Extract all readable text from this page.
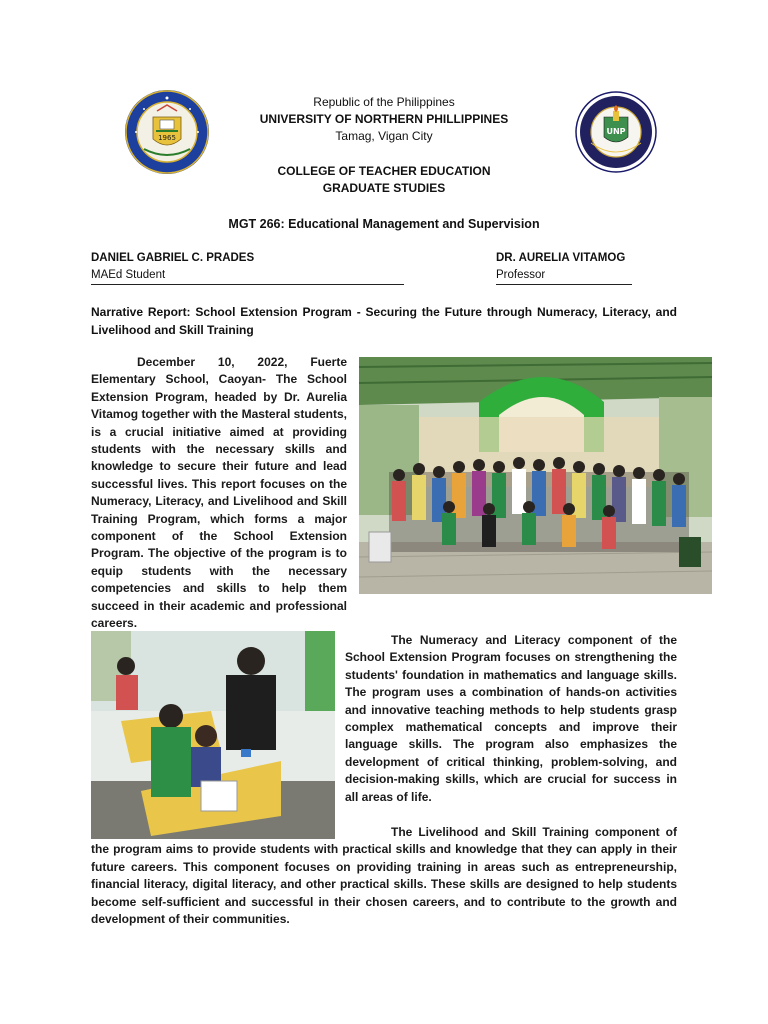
1965
UNP
Republic of the Philippines
UNIVERSITY OF NORTHERN PHILLIPPINES
Tamag, Vigan City
COLLEGE OF TEACHER EDUCATION
GRADUATE STUDIES
MGT 266: Educational Management and Supervision
DANIEL GABRIEL C. PRADES
MAEd Student
DR. AURELIA VITAMOG
Professor
Narrative Report: School Extension Program - Securing the Future through Numeracy, Literacy, and Livelihood and Skill Training
December 10, 2022, Fuerte Elementary School, Caoyan- The School Extension Program, headed by Dr. Aurelia Vitamog together with the Masteral students, is a crucial initiative aimed at providing students with the necessary skills and knowledge to secure their future and lead successful lives. This report focuses on the Numeracy, Literacy, and Livelihood and Skill Training Program, which forms a major component of the School Extension Program. The objective of the program is to equip students with the necessary competencies and skills to help them succeed in their academic and professional careers.
The Numeracy and Literacy component of the School Extension Program focuses on strengthening the students' foundation in mathematics and language skills. The program uses a combination of hands-on activities and innovative teaching methods to help students grasp complex mathematical concepts and improve their language skills. The program also emphasizes the development of critical thinking, problem-solving, and decision-making skills, which are crucial for success in all areas of life.
The Livelihood and Skill Training component of the program aims to provide students with practical skills and knowledge that they can apply in their future careers. This component focuses on providing training in areas such as entrepreneurship, financial literacy, digital literacy, and other practical skills. These skills are designed to help students become self-sufficient and successful in their chosen careers, and to contribute to the growth and development of their communities.
